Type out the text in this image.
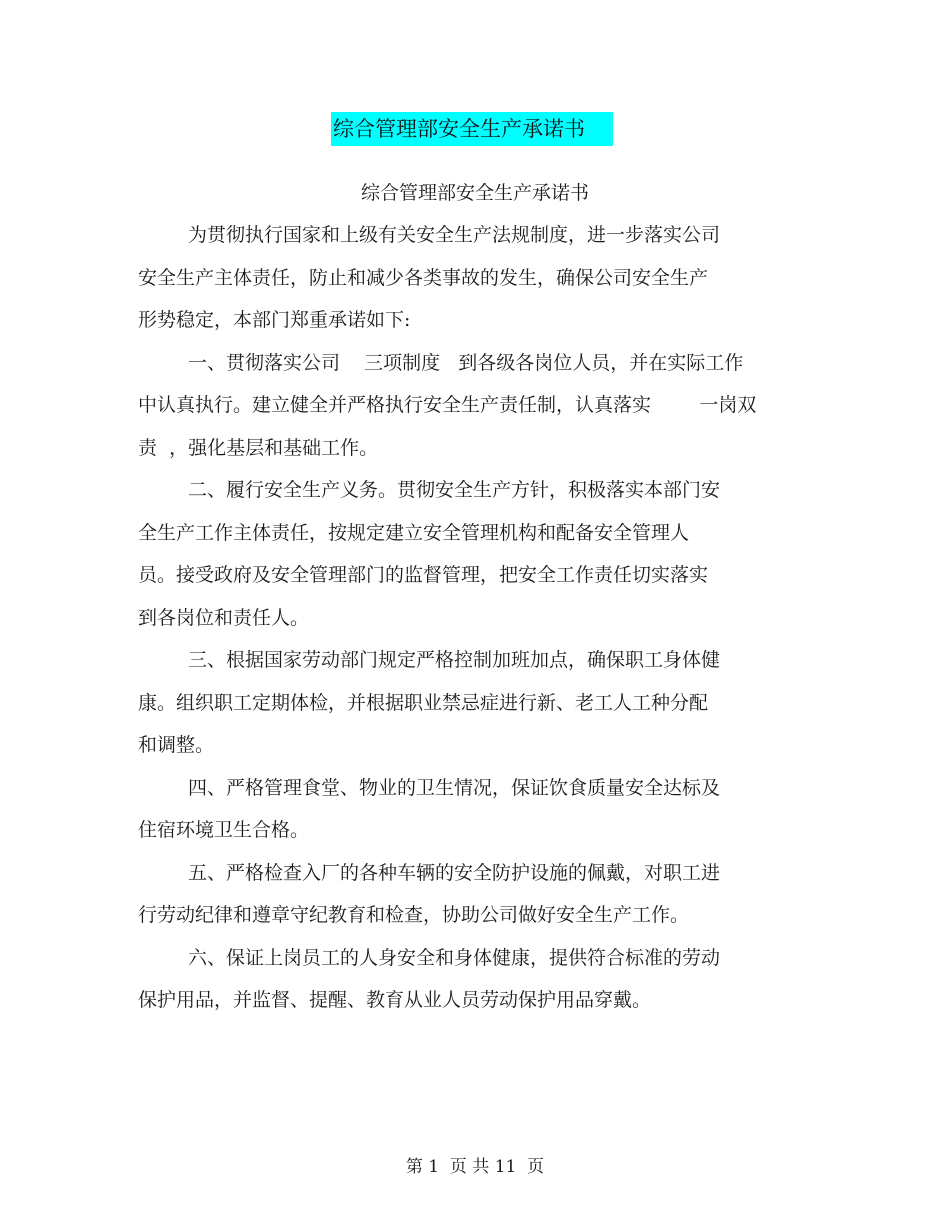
综合管理部安全生产承诺书
综合管理部安全生产承诺书
为贯彻执行国家和上级有关安全生产法规制度，进一步落实公司
安全生产主体责任，防止和减少各类事故的发生，确保公司安全生产
形势稳定，本部门郑重承诺如下:
一、贯彻落实公司    三项制度   到各级各岗位人员，并在实际工作
中认真执行。建立健全并严格执行安全生产责任制，认真落实        一岗双
责  ，强化基层和基础工作。
二、履行安全生产义务。贯彻安全生产方针，积极落实本部门安
全生产工作主体责任，按规定建立安全管理机构和配备安全管理人
员。接受政府及安全管理部门的监督管理，把安全工作责任切实落实
到各岗位和责任人。
三、根据国家劳动部门规定严格控制加班加点，确保职工身体健
康。组织职工定期体检，并根据职业禁忌症进行新、老工人工种分配
和调整。
四、严格管理食堂、物业的卫生情况，保证饮食质量安全达标及
住宿环境卫生合格。
五、严格检查入厂的各种车辆的安全防护设施的佩戴，对职工进
行劳动纪律和遵章守纪教育和检查，协助公司做好安全生产工作。
六、保证上岗员工的人身安全和身体健康，提供符合标准的劳动
保护用品，并监督、提醒、教育从业人员劳动保护用品穿戴。
第 1  页 共 11  页
